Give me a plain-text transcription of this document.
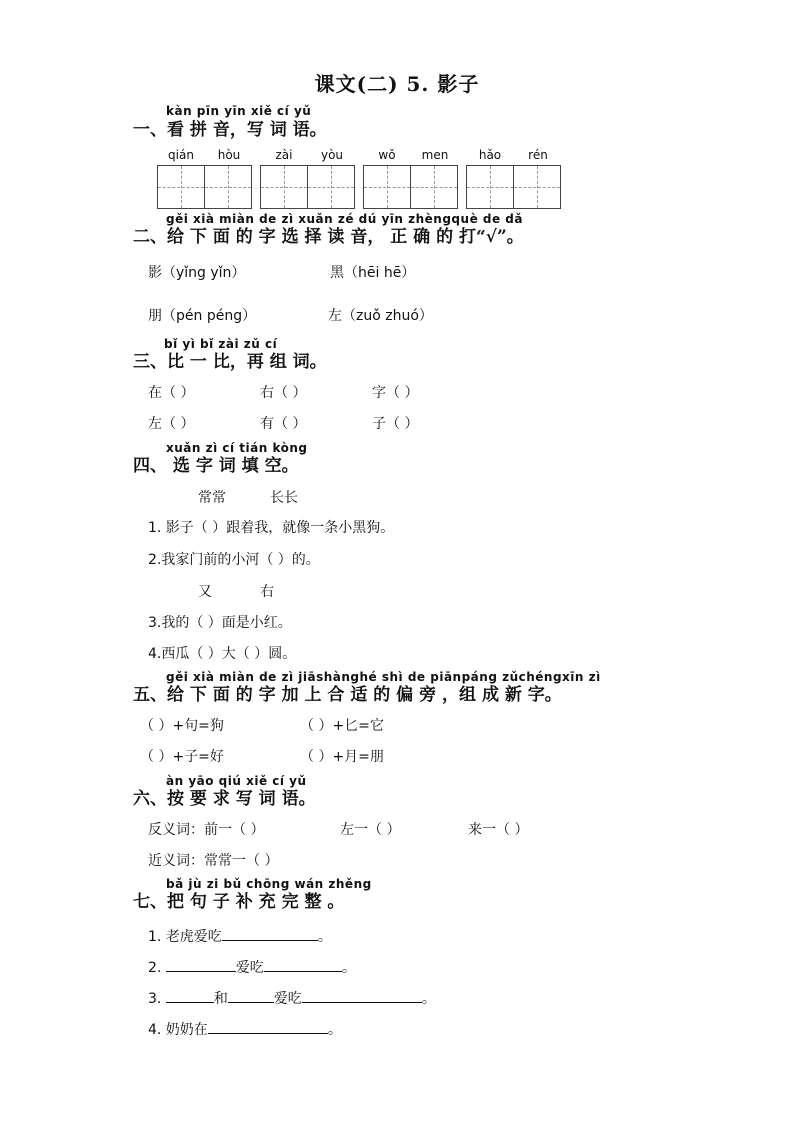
课文(二) 5. 影子
kàn pīn yīn xiě cí yǔ
一、看 拼 音，写 词 语。
qián	hòu	zài	yòu	wǒ	men	hǎo	rén
gěi xià miàn de zì xuǎn zé dú yīn zhèngquè de dǎ
二、给 下 面 的 字 选 择 读 音， 正 确 的 打“√”。
影（yǐng yǐn）	黑（hēi hē）
朋（pén péng）	左（zuǒ zhuó）
bǐ yì bǐ zài zǔ cí
三、比 一 比，再 组 词。
在（ ）	右（ ）	字（ ）
左（ ）	有（ ）	子（ ）
xuǎn zì cí tián kòng
四、 选 字 词 填 空。
常常	长长
1. 影子（ ）跟着我，就像一条小黑狗。
2.我家门前的小河（ ）的。
又	右
3.我的（ ）面是小红。
4.西瓜（ ）大（ ）圆。
gěi xià miàn de zì jiāshànghé shì de piānpáng zǔchéngxīn zì
五、给 下 面 的 字 加 上 合 适 的 偏 旁 ，组 成 新 字。
（ ）+句=狗	（ ）+匕=它
（ ）+子=好	（ ）+月=朋
àn yāo qiú xiě cí yǔ
六、按 要 求 写 词 语。
反义词：前一（ ）	左一（ ）	来一（ ）
近义词：常常一（ ）
bǎ jù zi bǔ chōng wán zhěng
七、把 句 子 补 充 完 整 。
1. 老虎爱吃	。
2.	爱吃	。
3.	和	爱吃	。
4. 奶奶在	。
